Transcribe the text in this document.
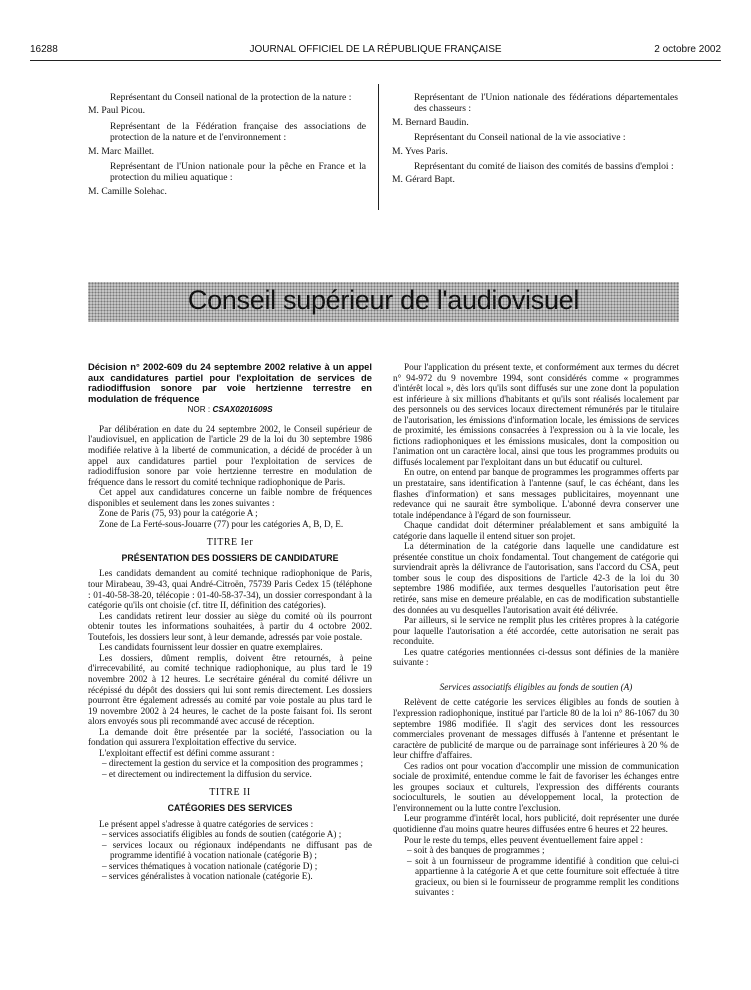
16288	JOURNAL OFFICIEL DE LA RÉPUBLIQUE FRANÇAISE	2 octobre 2002
Représentant du Conseil national de la protection de la nature :
M. Paul Picou.
Représentant de la Fédération française des associations de protection de la nature et de l'environnement :
M. Marc Maillet.
Représentant de l'Union nationale pour la pêche en France et la protection du milieu aquatique :
M. Camille Solehac.
Représentant de l'Union nationale des fédérations départementales des chasseurs :
M. Bernard Baudin.
Représentant du Conseil national de la vie associative :
M. Yves Paris.
Représentant du comité de liaison des comités de bassins d'emploi :
M. Gérard Bapt.
Conseil supérieur de l'audiovisuel

Décision n° 2002-609 du 24 septembre 2002 relative à un appel aux candidatures partiel pour l'exploitation de services de radiodiffusion sonore par voie hertzienne terrestre en modulation de fréquence

NOR : CSAX0201609S

Par délibération en date du 24 septembre 2002, le Conseil supérieur de l'audiovisuel, en application de l'article 29 de la loi du 30 septembre 1986 modifiée relative à la liberté de communication, a décidé de procéder à un appel aux candidatures partiel pour l'exploitation de services de radiodiffusion sonore par voie hertzienne terrestre en modulation de fréquence dans le ressort du comité technique radiophonique de Paris.

Cet appel aux candidatures concerne un faible nombre de fréquences disponibles et seulement dans les zones suivantes :

Zone de Paris (75, 93) pour la catégorie A ;

Zone de La Ferté-sous-Jouarre (77) pour les catégories A, B, D, E.

TITRE Ier
PRÉSENTATION DES DOSSIERS DE CANDIDATURE

Les candidats demandent au comité technique radiophonique de Paris, tour Mirabeau, 39-43, quai André-Citroën, 75739 Paris Cedex 15 (téléphone : 01-40-58-38-20, télécopie : 01-40-58-37-34), un dossier correspondant à la catégorie qu'ils ont choisie (cf. titre II, définition des catégories).

Les candidats retirent leur dossier au siège du comité où ils pourront obtenir toutes les informations souhaitées, à partir du 4 octobre 2002. Toutefois, les dossiers leur sont, à leur demande, adressés par voie postale.

Les candidats fournissent leur dossier en quatre exemplaires.

Les dossiers, dûment remplis, doivent être retournés, à peine d'irrecevabilité, au comité technique radiophonique, au plus tard le 19 novembre 2002 à 12 heures. Le secrétaire général du comité délivre un récépissé du dépôt des dossiers qui lui sont remis directement. Les dossiers pourront être également adressés au comité par voie postale au plus tard le 19 novembre 2002 à 24 heures, le cachet de la poste faisant foi. Ils seront alors envoyés sous pli recommandé avec accusé de réception.

La demande doit être présentée par la société, l'association ou la fondation qui assurera l'exploitation effective du service.

L'exploitant effectif est défini comme assurant :

– directement la gestion du service et la composition des programmes ;

– et directement ou indirectement la diffusion du service.

TITRE II
CATÉGORIES DES SERVICES

Le présent appel s'adresse à quatre catégories de services :

– services associatifs éligibles au fonds de soutien (catégorie A) ;

– services locaux ou régionaux indépendants ne diffusant pas de programme identifié à vocation nationale (catégorie B) ;

– services thématiques à vocation nationale (catégorie D) ;

– services généralistes à vocation nationale (catégorie E).

Pour l'application du présent texte, et conformément aux termes du décret n° 94-972 du 9 novembre 1994, sont considérés comme « programmes d'intérêt local », dès lors qu'ils sont diffusés sur une zone dont la population est inférieure à six millions d'habitants et qu'ils sont réalisés localement par des personnels ou des services locaux directement rémunérés par le titulaire de l'autorisation, les émissions d'information locale, les émissions de services de proximité, les émissions consacrées à l'expression ou à la vie locale, les fictions radiophoniques et les émissions musicales, dont la composition ou l'animation ont un caractère local, ainsi que tous les programmes produits ou diffusés localement par l'exploitant dans un but éducatif ou culturel.

En outre, on entend par banque de programmes les programmes offerts par un prestataire, sans identification à l'antenne (sauf, le cas échéant, dans les flashes d'information) et sans messages publicitaires, moyennant une redevance qui ne saurait être symbolique. L'abonné devra conserver une totale indépendance à l'égard de son fournisseur.

Chaque candidat doit déterminer préalablement et sans ambiguïté la catégorie dans laquelle il entend situer son projet.

La détermination de la catégorie dans laquelle une candidature est présentée constitue un choix fondamental. Tout changement de catégorie qui surviendrait après la délivrance de l'autorisation, sans l'accord du CSA, peut tomber sous le coup des dispositions de l'article 42-3 de la loi du 30 septembre 1986 modifiée, aux termes desquelles l'autorisation peut être retirée, sans mise en demeure préalable, en cas de modification substantielle des données au vu desquelles l'autorisation avait été délivrée.

Par ailleurs, si le service ne remplit plus les critères propres à la catégorie pour laquelle l'autorisation a été accordée, cette autorisation ne serait pas reconduite.

Les quatre catégories mentionnées ci-dessus sont définies de la manière suivante :

Services associatifs éligibles au fonds de soutien (A)

Relèvent de cette catégorie les services éligibles au fonds de soutien à l'expression radiophonique, institué par l'article 80 de la loi n° 86-1067 du 30 septembre 1986 modifiée. Il s'agit des services dont les ressources commerciales provenant de messages diffusés à l'antenne et présentant le caractère de publicité de marque ou de parrainage sont inférieures à 20 % de leur chiffre d'affaires.

Ces radios ont pour vocation d'accomplir une mission de communication sociale de proximité, entendue comme le fait de favoriser les échanges entre les groupes sociaux et culturels, l'expression des différents courants socioculturels, le soutien au développement local, la protection de l'environnement ou la lutte contre l'exclusion.

Leur programme d'intérêt local, hors publicité, doit représenter une durée quotidienne d'au moins quatre heures diffusées entre 6 heures et 22 heures.

Pour le reste du temps, elles peuvent éventuellement faire appel :

– soit à des banques de programmes ;

– soit à un fournisseur de programme identifié à condition que celui-ci appartienne à la catégorie A et que cette fourniture soit effectuée à titre gracieux, ou bien si le fournisseur de programme remplit les conditions suivantes :
